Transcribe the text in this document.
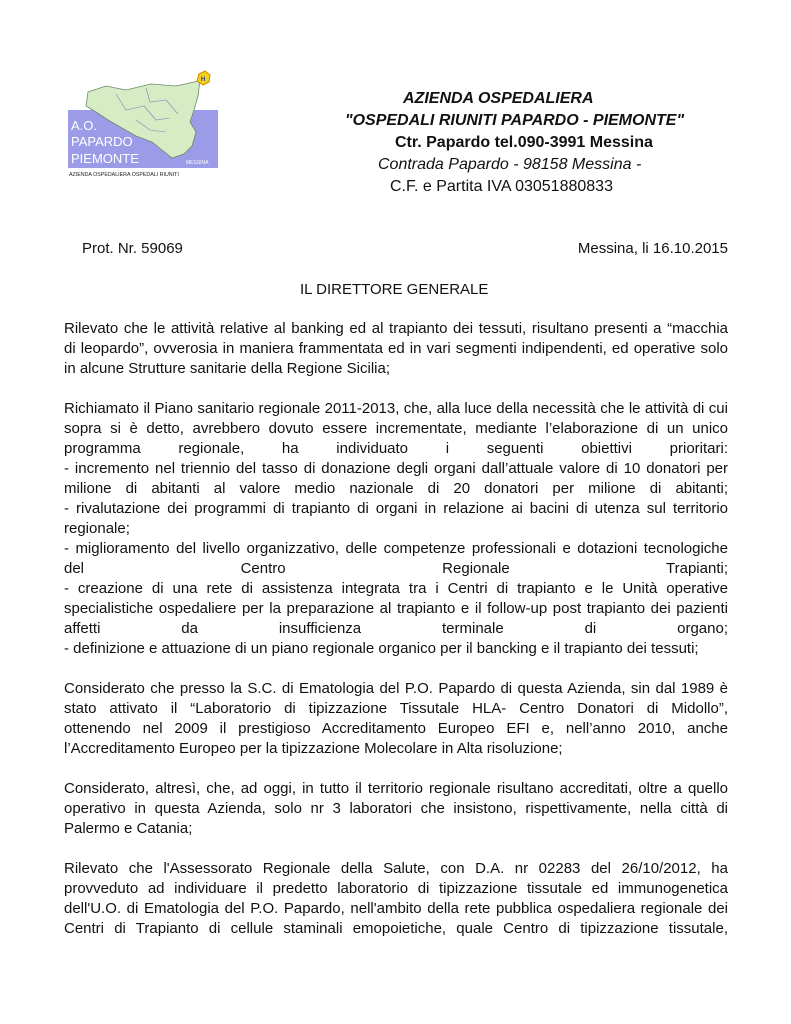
H
A.O.
PAPARDO
PIEMONTE	MESSINA
AZIENDA OSPEDALIERA OSPEDALI RIUNITI
AZIENDA OSPEDALIERA
"OSPEDALI RIUNITI PAPARDO - PIEMONTE"
Ctr. Papardo tel.090-3991 Messina
Contrada Papardo - 98158 Messina -
C.F. e Partita IVA 03051880833
Prot. Nr. 59069	Messina, li 16.10.2015
IL DIRETTORE GENERALE
Rilevato che le attività relative al banking ed al trapianto dei tessuti, risultano presenti a “macchia
di leopardo”, ovverosia in maniera frammentata ed in vari segmenti indipendenti, ed operative solo
in alcune Strutture sanitarie della Regione Sicilia;
Richiamato il Piano sanitario regionale 2011-2013, che, alla luce della necessità che le attività di cui
sopra si è detto, avrebbero dovuto essere incrementate, mediante l’elaborazione di un unico
programma regionale, ha individuato i seguenti obiettivi prioritari:
- incremento nel triennio del tasso di donazione degli organi dall’attuale valore di 10 donatori per
milione di abitanti al valore medio nazionale di 20 donatori per milione di abitanti;
- rivalutazione dei programmi di trapianto di organi in relazione ai bacini di utenza sul territorio
regionale;
- miglioramento del livello organizzativo, delle competenze professionali e dotazioni tecnologiche
del Centro Regionale Trapianti;
- creazione di una rete di assistenza integrata tra i Centri di trapianto e le Unità operative
specialistiche ospedaliere per la preparazione al trapianto e il follow-up post trapianto dei pazienti
affetti da insufficienza terminale di organo;
- definizione e attuazione di un piano regionale organico per il bancking e il trapianto dei tessuti;
Considerato che presso la S.C. di Ematologia del P.O. Papardo di questa Azienda, sin dal 1989 è
stato attivato il “Laboratorio di tipizzazione Tissutale HLA- Centro Donatori di Midollo”,
ottenendo nel 2009 il prestigioso Accreditamento Europeo EFI e, nell’anno 2010, anche
l’Accreditamento Europeo per la tipizzazione Molecolare in Alta risoluzione;
Considerato, altresì, che, ad oggi, in tutto il territorio regionale risultano accreditati, oltre a quello
operativo in questa Azienda, solo nr 3 laboratori che insistono, rispettivamente, nella città di
Palermo e Catania;
Rilevato che l'Assessorato Regionale della Salute, con D.A. nr 02283 del 26/10/2012, ha
provveduto ad individuare il predetto laboratorio di tipizzazione tissutale ed immunogenetica
dell'U.O. di Ematologia del P.O. Papardo, nell'ambito della rete pubblica ospedaliera regionale dei
Centri di Trapianto di cellule staminali emopoietiche, quale Centro di tipizzazione tissutale,
